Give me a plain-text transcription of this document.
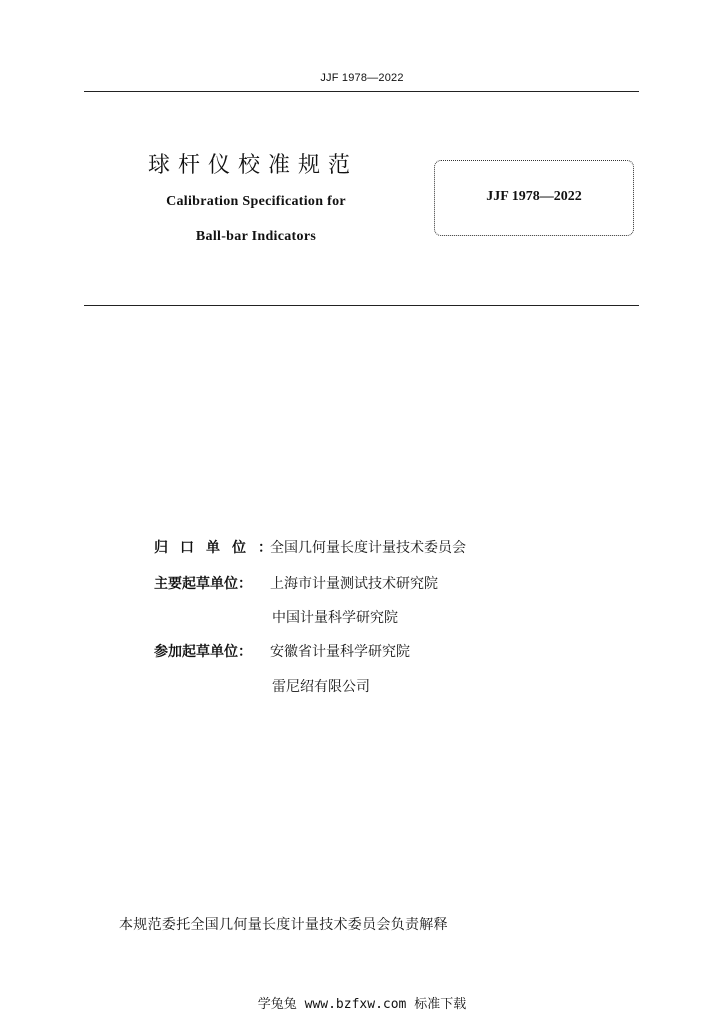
JJF 1978—2022
球杆仪校准规范
Calibration Specification for
Ball-bar Indicators
JJF 1978—2022
归口单位：全国几何量长度计量技术委员会
主要起草单位： 上海市计量测试技术研究院
中国计量科学研究院
参加起草单位： 安徽省计量科学研究院
雷尼绍有限公司
本规范委托全国几何量长度计量技术委员会负责解释
学兔兔 www.bzfxw.com 标准下载
